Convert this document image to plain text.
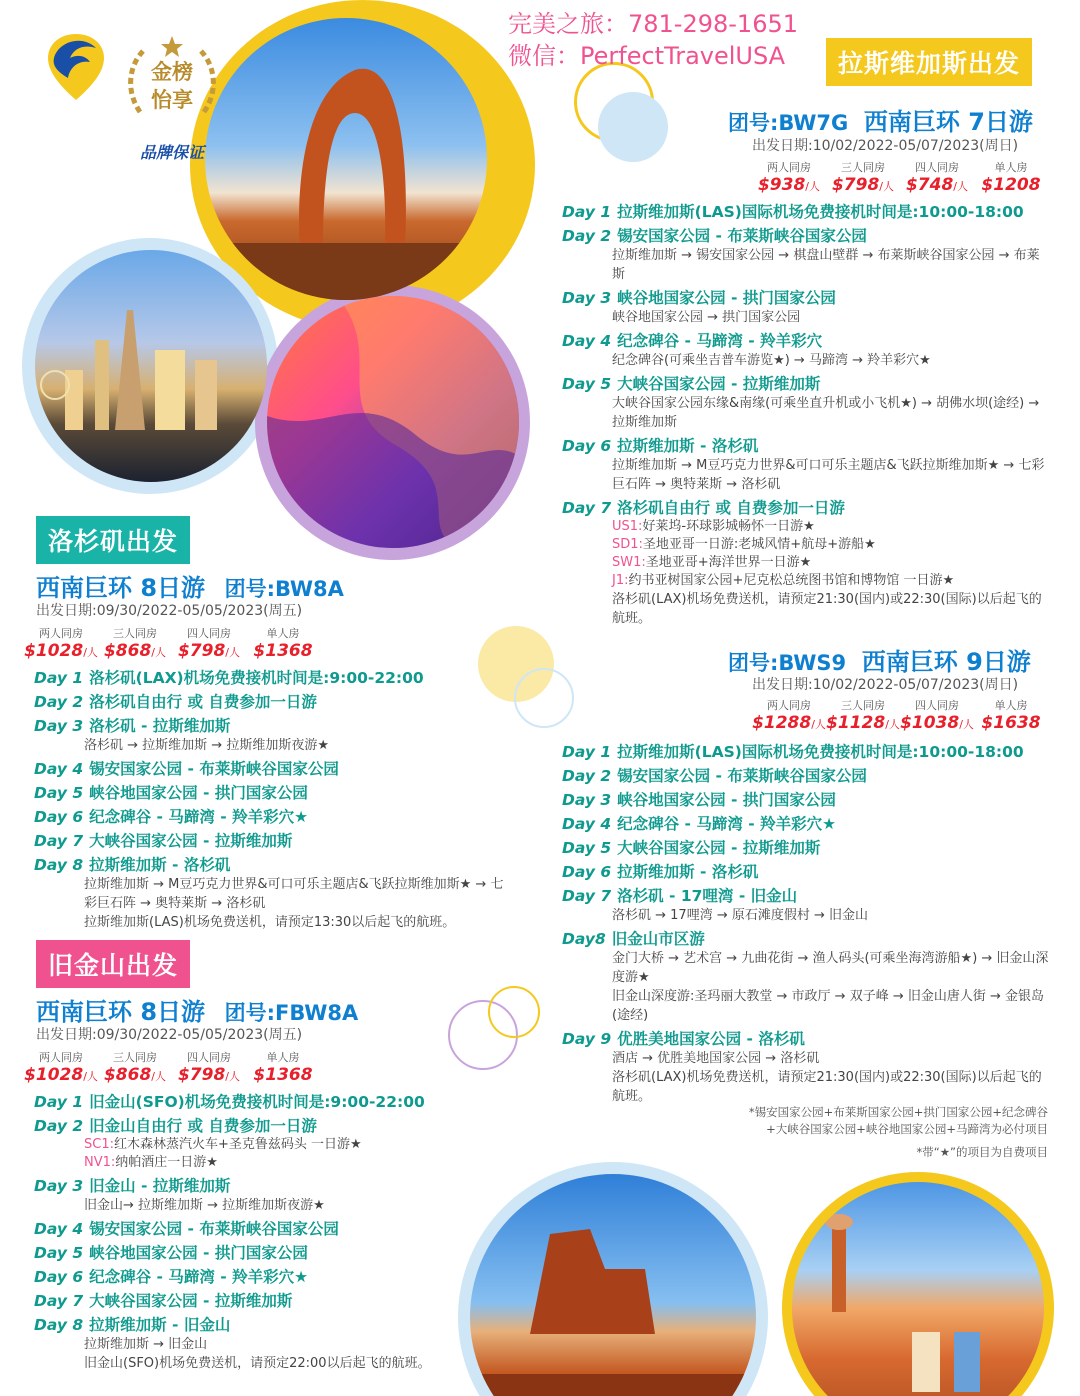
金榜
怡享
品牌保证
完美之旅：781-298-1651
微信：PerfectTravelUSA	拉斯维加斯出发
团号:BW7G 西南巨环 7日游
出发日期:10/02/2022-05/07/2023(周日)
两人同房
$938/人
三人同房
$798/人
四人同房
$748/人
单人房
$1208
Day 1 拉斯维加斯(LAS)国际机场免费接机时间是:10:00-18:00
Day 2 锡安国家公园 - 布莱斯峡谷国家公园
拉斯维加斯 → 锡安国家公园 → 棋盘山壁群 → 布莱斯峡谷国家公园 → 布莱斯
Day 3 峡谷地国家公园 - 拱门国家公园
峡谷地国家公园 → 拱门国家公园
Day 4 纪念碑谷 - 马蹄湾 - 羚羊彩穴
纪念碑谷(可乘坐吉普车游览★) → 马蹄湾 → 羚羊彩穴★
Day 5 大峡谷国家公园 - 拉斯维加斯
大峡谷国家公园东缘&南缘(可乘坐直升机或小飞机★) → 胡佛水坝(途经) → 拉斯维加斯
Day 6 拉斯维加斯 - 洛杉矶
拉斯维加斯 → M豆巧克力世界&可口可乐主题店&飞跃拉斯维加斯★ → 七彩巨石阵 → 奥特莱斯 → 洛杉矶
Day 7 洛杉矶自由行 或 自费参加一日游
US1:好莱坞-环球影城畅怀一日游★
SD1:圣地亚哥一日游:老城风情+航母+游船★
SW1:圣地亚哥+海洋世界一日游★
J1:约书亚树国家公园+尼克松总统图书馆和博物馆 一日游★
洛杉矶(LAX)机场免费送机，请预定21:30(国内)或22:30(国际)以后起飞的航班。
团号:BWS9 西南巨环 9日游
出发日期:10/02/2022-05/07/2023(周日)
两人同房
$1288/人
三人同房
$1128/人
四人同房
$1038/人
单人房
$1638
Day 1 拉斯维加斯(LAS)国际机场免费接机时间是:10:00-18:00
Day 2 锡安国家公园 - 布莱斯峡谷国家公园
Day 3 峡谷地国家公园 - 拱门国家公园
Day 4 纪念碑谷 - 马蹄湾 - 羚羊彩穴★
Day 5 大峡谷国家公园 - 拉斯维加斯
Day 6 拉斯维加斯 - 洛杉矶
Day 7 洛杉矶 - 17哩湾 - 旧金山
洛杉矶 → 17哩湾 → 原石滩度假村 → 旧金山
Day8 旧金山市区游
金门大桥 → 艺术宫 → 九曲花街 → 渔人码头(可乘坐海湾游船★) → 旧金山深度游★
旧金山深度游:圣玛丽大教堂 → 市政厅 → 双子峰 → 旧金山唐人街 → 金银岛(途经)
Day 9 优胜美地国家公园 - 洛杉矶
酒店 → 优胜美地国家公园 → 洛杉矶
洛杉矶(LAX)机场免费送机，请预定21:30(国内)或22:30(国际)以后起飞的航班。
*锡安国家公园+布莱斯国家公园+拱门国家公园+纪念碑谷
+大峡谷国家公园+峡谷地国家公园+马蹄湾为必付项目
*带“★”的项目为自费项目
洛杉矶出发
西南巨环 8日游 团号:BW8A
出发日期:09/30/2022-05/05/2023(周五)
两人同房
$1028/人
三人同房
$868/人
四人同房
$798/人
单人房
$1368
Day 1 洛杉矶(LAX)机场免费接机时间是:9:00-22:00
Day 2 洛杉矶自由行 或 自费参加一日游
Day 3 洛杉矶 - 拉斯维加斯
洛杉矶 → 拉斯维加斯 → 拉斯维加斯夜游★
Day 4 锡安国家公园 - 布莱斯峡谷国家公园
Day 5 峡谷地国家公园 - 拱门国家公园
Day 6 纪念碑谷 - 马蹄湾 - 羚羊彩穴★
Day 7 大峡谷国家公园 - 拉斯维加斯
Day 8 拉斯维加斯 - 洛杉矶
拉斯维加斯 → M豆巧克力世界&可口可乐主题店&飞跃拉斯维加斯★ → 七彩巨石阵 → 奥特莱斯 → 洛杉矶
拉斯维加斯(LAS)机场免费送机，请预定13:30以后起飞的航班。
旧金山出发
西南巨环 8日游 团号:FBW8A
出发日期:09/30/2022-05/05/2023(周五)
两人同房
$1028/人
三人同房
$868/人
四人同房
$798/人
单人房
$1368
Day 1 旧金山(SFO)机场免费接机时间是:9:00-22:00
Day 2 旧金山自由行 或 自费参加一日游
SC1:红木森林蒸汽火车+圣克鲁兹码头 一日游★
NV1:纳帕酒庄一日游★
Day 3 旧金山 - 拉斯维加斯
旧金山→ 拉斯维加斯 → 拉斯维加斯夜游★
Day 4 锡安国家公园 - 布莱斯峡谷国家公园
Day 5 峡谷地国家公园 - 拱门国家公园
Day 6 纪念碑谷 - 马蹄湾 - 羚羊彩穴★
Day 7 大峡谷国家公园 - 拉斯维加斯
Day 8 拉斯维加斯 - 旧金山
拉斯维加斯 → 旧金山
旧金山(SFO)机场免费送机，请预定22:00以后起飞的航班。
